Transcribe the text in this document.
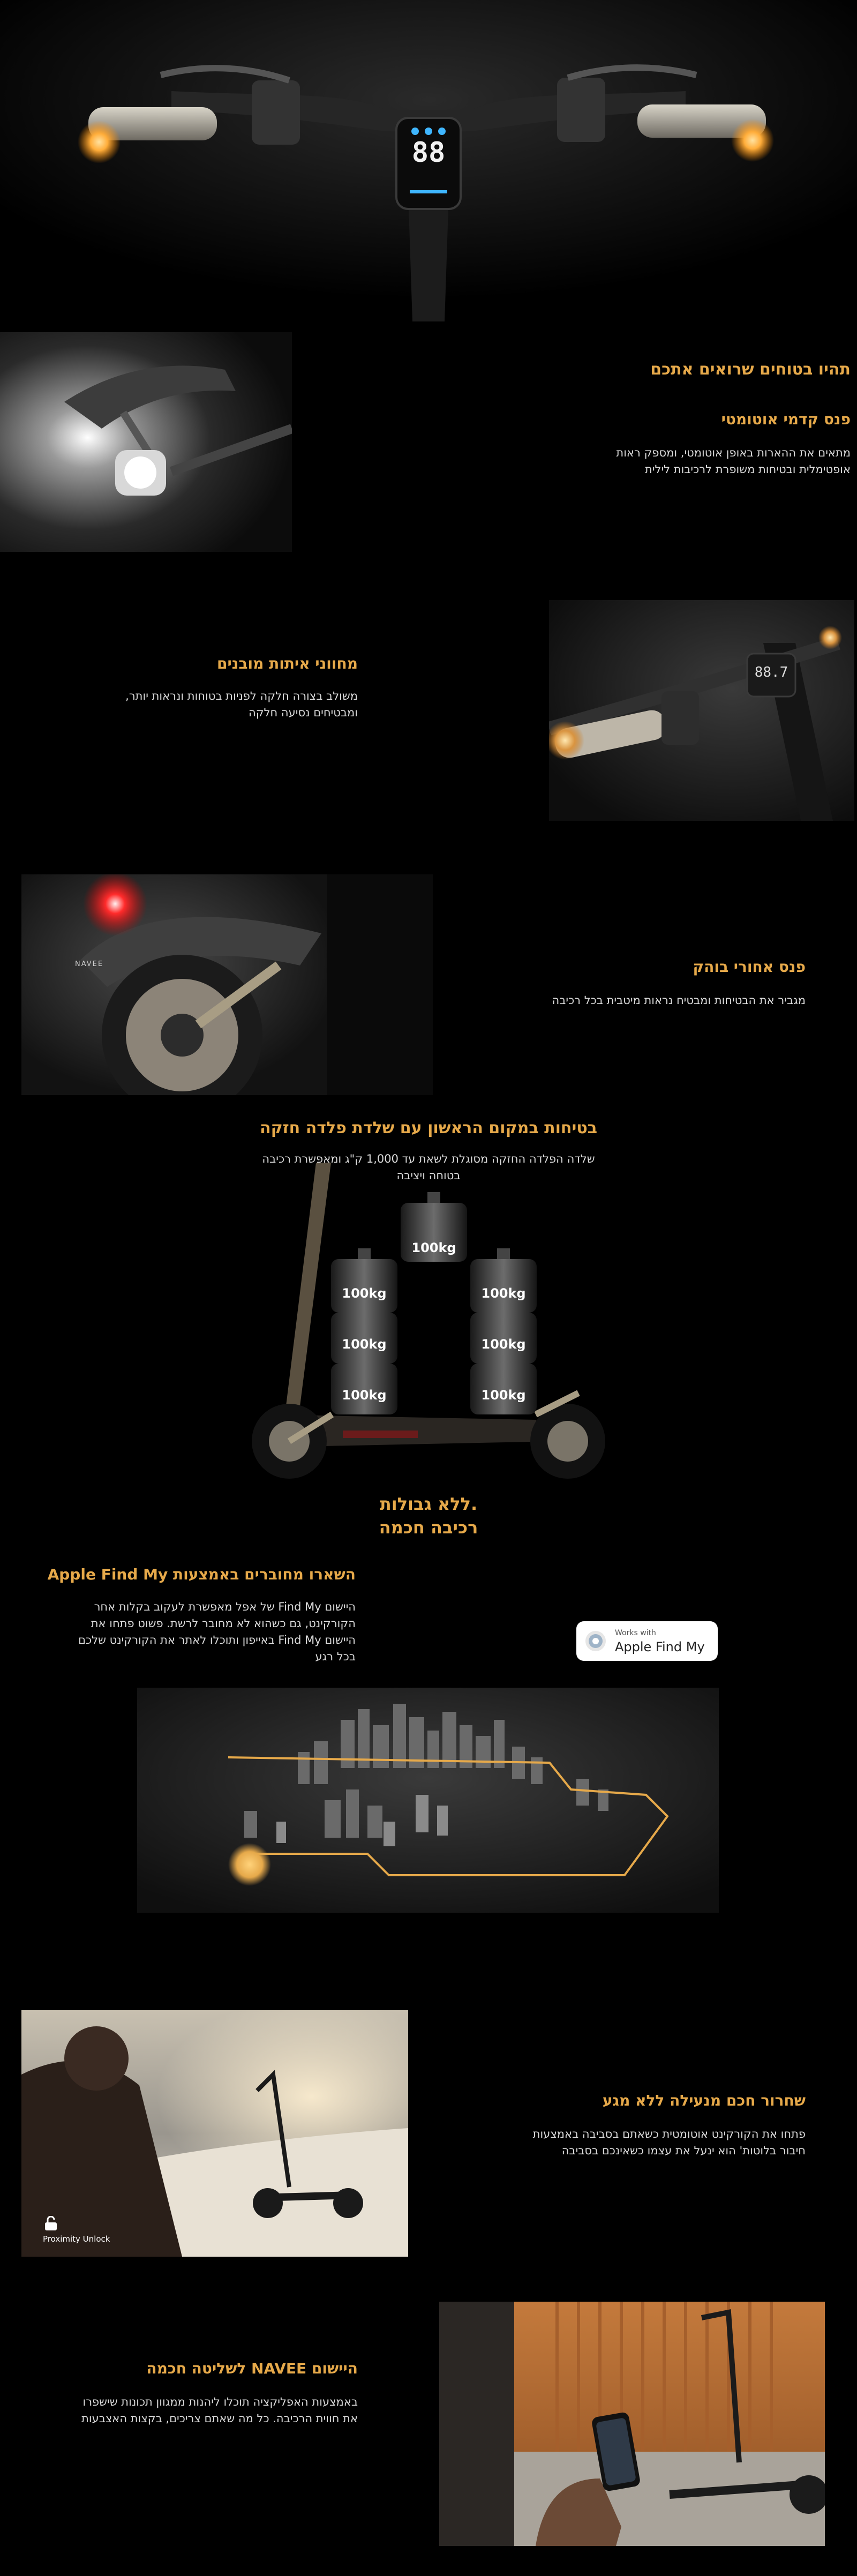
88
תהיו בטוחים שרואים אתכם
פנס קדמי אוטומטי
מתאים את ההארות באופן אוטומטי, ומספק ראות
אופטימלית ובטיחות משופרת לרכיבות לילית
מחווני איתות מובנים
משולב בצורה חלקה לפניות בטוחות ונראות יותר,
ומבטיחים נסיעה חלקה
88.7
NAVEE	פנס אחורי בוהק
מגביר את הבטיחות ומבטיח נראות מיטבית בכל רכיבה
בטיחות במקום הראשון עם שלדת פלדה חזקה
שלדה הפלדה החזקה מסוגלת לשאת עד 1,000 ק"ג ומאפשרת רכיבה
בטוחה ויציבה
100kg
100kg
100kg
100kg
100kg
100kg
100kg
ללא גבולות.
רכיבה חכמה
השארו מחוברים באמצעות Apple Find My
היישום Find My של אפל מאפשרת לעקוב בקלות אחר
הקורקינט, גם כשהוא לא מחובר לרשת. פשוט פתחו את
היישום Find My באייפון ותוכלו לאתר את הקורקינט שלכם
בכל רגע
Works with
Apple Find My
Proximity Unlock
שחרור חכם מנעילה ללא מגע
פתחו את הקורקינט אוטומטית כשאתם בסביבה באמצעות
חיבור בלוטות' הוא ינעל את עצמו כשאינכם בסביבה
היישום NAVEE לשליטה חכמה
באמצעות האפליקציה תוכלו ליהנות ממגוון תכונות שישפרו
את חווית הרכיבה. כל מה שאתם צריכים, בקצות האצבעות
